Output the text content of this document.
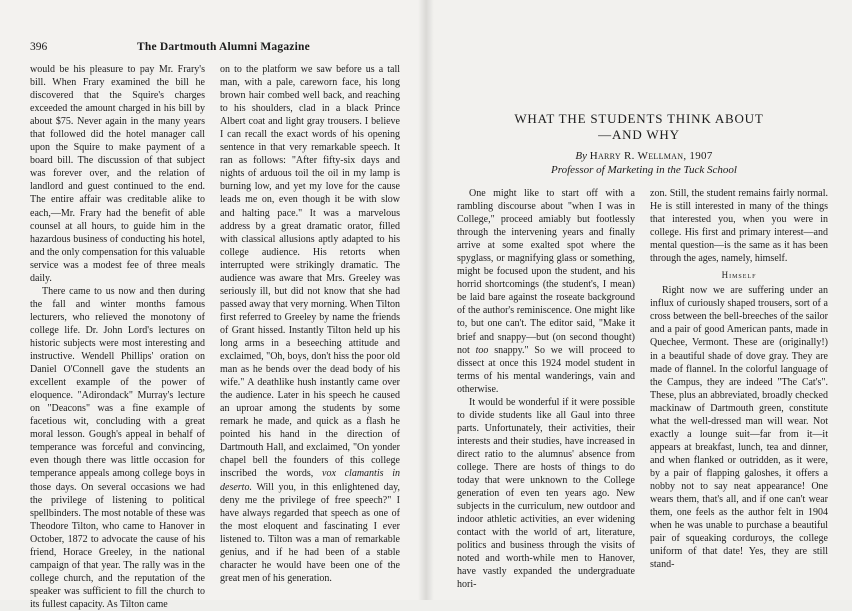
396	The Dartmouth Alumni Magazine

would be his pleasure to pay Mr. Frary's bill. When Frary examined the bill he discovered that the Squire's charges exceeded the amount charged in his bill by about $75. Never again in the many years that followed did the hotel manager call upon the Squire to make payment of a board bill. The discussion of that subject was forever over, and the relation of landlord and guest continued to the end. The entire affair was creditable alike to each,—Mr. Frary had the benefit of able counsel at all hours, to guide him in the hazardous business of conducting his hotel, and the only compensation for this valuable service was a modest fee of three meals daily.

There came to us now and then during the fall and winter months famous lecturers, who relieved the monotony of college life. Dr. John Lord's lectures on historic subjects were most interesting and instructive. Wendell Phillips' oration on Daniel O'Connell gave the students an excellent example of the power of eloquence. "Adirondack" Murray's lecture on "Deacons" was a fine example of facetious wit, concluding with a great moral lesson. Gough's appeal in behalf of temperance was forceful and convincing, even though there was little occasion for temperance appeals among college boys in those days. On several occasions we had the privilege of listening to political spellbinders. The most notable of these was Theodore Tilton, who came to Hanover in October, 1872 to advocate the cause of his friend, Horace Greeley, in the national campaign of that year. The rally was in the college church, and the reputation of the speaker was sufficient to fill the church to its fullest capacity. As Tilton came

on to the platform we saw before us a tall man, with a pale, careworn face, his long brown hair combed well back, and reaching to his shoulders, clad in a black Prince Albert coat and light gray trousers. I believe I can recall the exact words of his opening sentence in that very remarkable speech. It ran as follows: "After fifty-six days and nights of arduous toil the oil in my lamp is burning low, and yet my love for the cause leads me on, even though it be with slow and halting pace." It was a marvelous address by a great dramatic orator, filled with classical allusions aptly adapted to his college audience. His retorts when interrupted were strikingly dramatic. The audience was aware that Mrs. Greeley was seriously ill, but did not know that she had passed away that very morning. When Tilton first referred to Greeley by name the friends of Grant hissed. Instantly Tilton held up his long arms in a beseeching attitude and exclaimed, "Oh, boys, don't hiss the poor old man as he bends over the dead body of his wife." A deathlike hush instantly came over the audience. Later in his speech he caused an uproar among the students by some remark he made, and quick as a flash he pointed his hand in the direction of Dartmouth Hall, and exclaimed, "On yonder chapel bell the founders of this college inscribed the words, vox clamantis in deserto. Will you, in this enlightened day, deny me the privilege of free speech?" I have always regarded that speech as one of the most eloquent and fascinating I ever listened to. Tilton was a man of remarkable genius, and if he had been of a stable character he would have been one of the great men of his generation.

WHAT THE STUDENTS THINK ABOUT
—AND WHY
By Harry R. Wellman, 1907
Professor of Marketing in the Tuck School

One might like to start off with a rambling discourse about "when I was in College," proceed amiably but footlessly through the intervening years and finally arrive at some exalted spot where the spyglass, or magnifying glass or something, might be focused upon the student, and his horrid shortcomings (the student's, I mean) be laid bare against the roseate background of the author's reminiscence. One might like to, but one can't. The editor said, "Make it brief and snappy—but (on second thought) not too snappy." So we will proceed to dissect at once this 1924 model student in terms of his mental wanderings, vain and otherwise.

It would be wonderful if it were possible to divide students like all Gaul into three parts. Unfortunately, their activities, their interests and their studies, have increased in direct ratio to the alumnus' absence from college. There are hosts of things to do today that were unknown to the College generation of even ten years ago. New subjects in the curriculum, new outdoor and indoor athletic activities, an ever widening contact with the world of art, literature, politics and business through the visits of noted and worth-while men to Hanover, have vastly expanded the undergraduate hori-

zon. Still, the student remains fairly normal. He is still interested in many of the things that interested you, when you were in college. His first and primary interest—and mental question—is the same as it has been through the ages, namely, himself.

Himself

Right now we are suffering under an influx of curiously shaped trousers, sort of a cross between the bell-breeches of the sailor and a pair of good American pants, made in Quechee, Vermont. These are (originally!) in a beautiful shade of dove gray. They are made of flannel. In the colorful language of the Campus, they are indeed "The Cat's". These, plus an abbreviated, broadly checked mackinaw of Dartmouth green, constitute what the well-dressed man will wear. Not exactly a lounge suit—far from it—it appears at breakfast, lunch, tea and dinner, and when flanked or outridden, as it were, by a pair of flapping galoshes, it offers a nobby not to say neat appearance! One wears them, that's all, and if one can't wear them, one feels as the author felt in 1904 when he was unable to purchase a beautiful pair of squeaking corduroys, the college uniform of that date! Yes, they are still stand-
